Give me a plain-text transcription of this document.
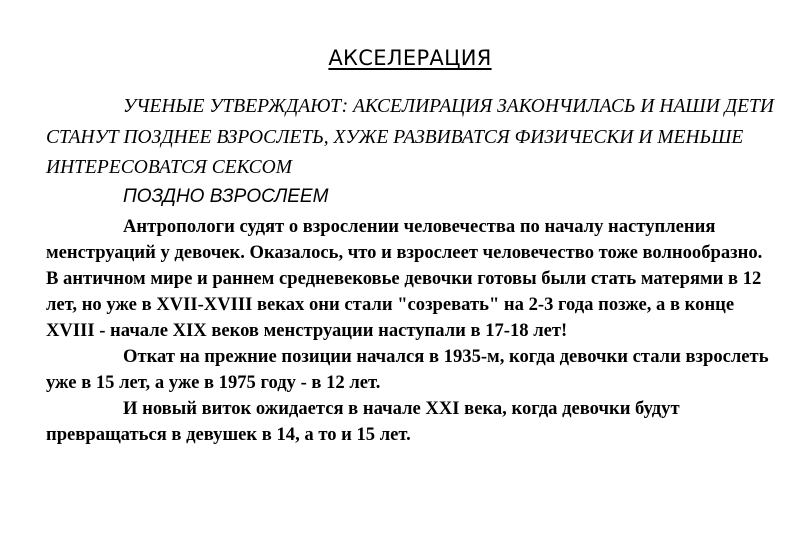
АКСЕЛЕРАЦИЯ

УЧЕНЫЕ УТВЕРЖДАЮТ: АКСЕЛИРАЦИЯ ЗАКОНЧИЛАСЬ И НАШИ ДЕТИ СТАНУТ ПОЗДНЕЕ ВЗРОСЛЕТЬ, ХУЖЕ РАЗВИВАТСЯ ФИЗИЧЕСКИ И МЕНЬШЕ ИНТЕРЕСОВАТСЯ СЕКСОМ

ПОЗДНО ВЗРОСЛЕЕМ

Антропологи судят о взрослении человечества по началу наступления менструаций у девочек. Оказалось, что и взрослеет человечество тоже волнообразно. В античном мире и раннем средневековье девочки готовы были стать матерями в 12 лет, но уже в XVII-XVIII веках они стали "созревать" на 2-3 года позже, а в конце XVIII - начале XIX веков менструации наступали в 17-18 лет!

Откат на прежние позиции начался в 1935-м, когда девочки стали взрослеть уже в 15 лет, а уже в 1975 году - в 12 лет.

И новый виток ожидается в начале XXI века, когда девочки будут превращаться в девушек в 14, а то и 15 лет.
